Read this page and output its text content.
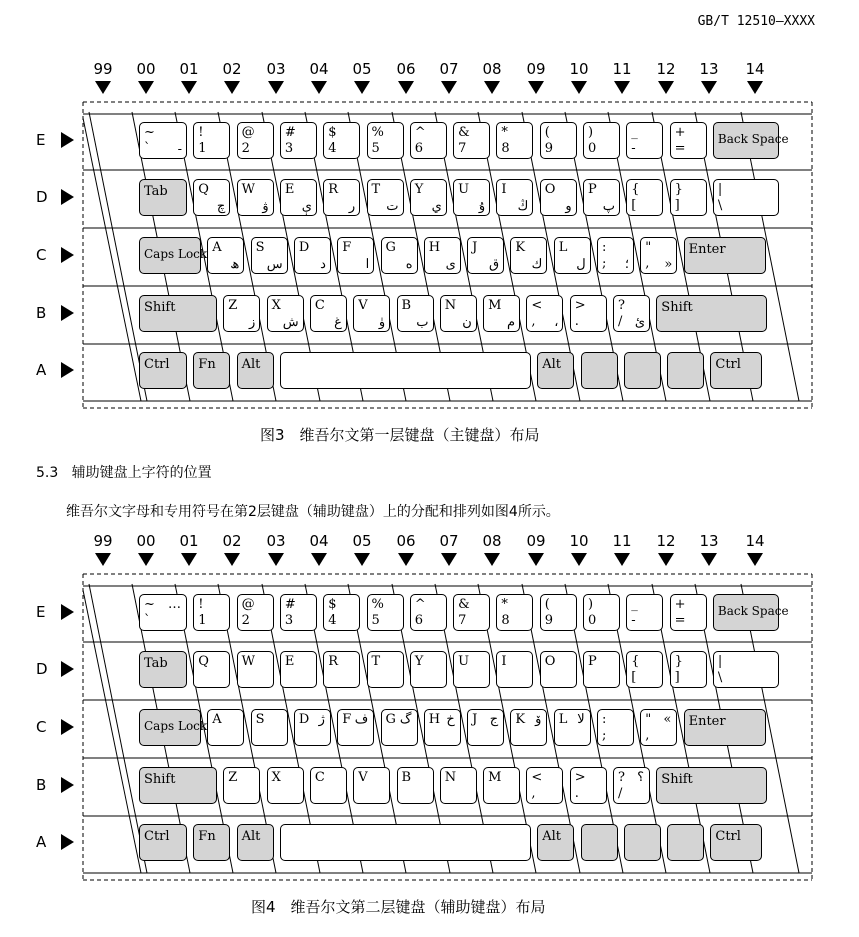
GB/T 12510—XXXX
99	00	01	02	03	04	05	06	07	08	09	10	11	12	13	14
E	~
` -
!
1
@
2
#
3
$
4
%
5
^
6
&
7
*
8
(
9
)
0
_
-
+
=
Back Space
D	Tab Q
چ
W
ۋ
E
ې
R
ر
T
ت
Y
ي
U
ۇ
I
ڭ
O
و
P
پ
{
[
}
]
|
\
C	Caps Lock A
ھ
S
س
D
د
F
ا
G
ە
H
ى
J
ق
K
ك
L
ل
:
; ؛
"
, »
Enter
B	Shift	Z
ز
X
ش
C
غ
V
ۈ
B
ب
N
ن
M
م
<
, ،
>
.
?
/ ئ
Shift
A	Ctrl Fn Alt	Alt	Ctrl
图3　维吾尔文第一层键盘（主键盘）布局
5.3 辅助键盘上字符的位置
维吾尔文字母和专用符号在第2层键盘（辅助键盘）上的分配和排列如图4所示。
99	00	01	02	03	04	05	06	07	08	09	10	11	12	13	14
E	~
`
… !
1
@
2
#
3
$
4
%
5
^
6
&
7
*
8
(
9
)
0
_
-
+
=
Back Space
D	Tab Q	W E	R	T	Y	U I	O	P	{
[
}
]
|
\
C	Caps Lock A	S	D ژ F ف G گ H خ J ج K ۆ L لا :
;
"
,
« Enter
B	Shift	Z	X	C	V	B	N M <
,
>
.
?
/
؟ Shift
A	Ctrl Fn Alt	Alt	Ctrl
图4　维吾尔文第二层键盘（辅助键盘）布局
